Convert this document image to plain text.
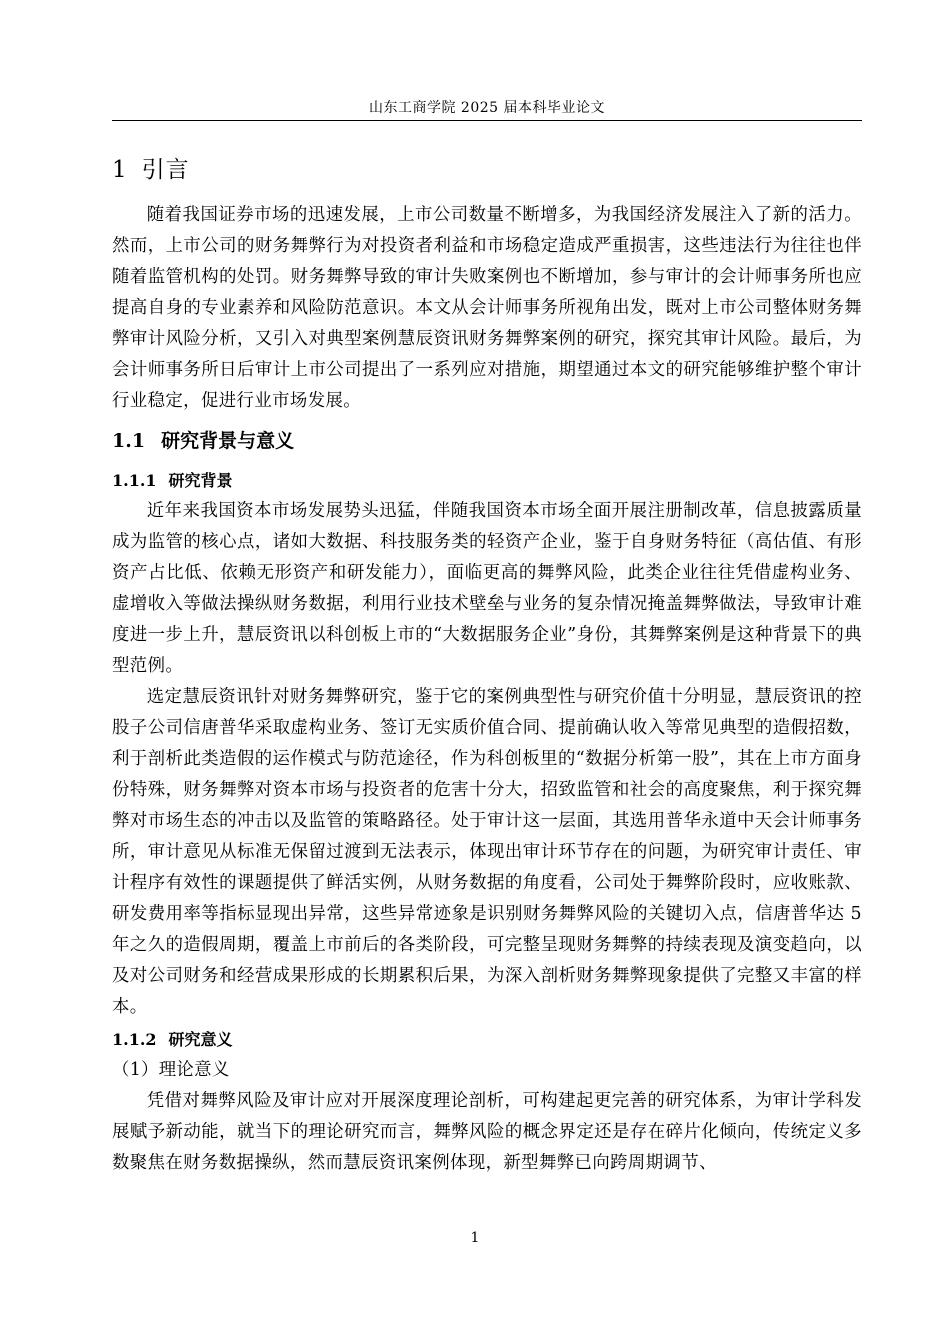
山东工商学院 2025 届本科毕业论文
1 引言

随着我国证券市场的迅速发展，上市公司数量不断增多，为我国经济发展注入了新的活力。然而，上市公司的财务舞弊行为对投资者利益和市场稳定造成严重损害，这些违法行为往往也伴随着监管机构的处罚。财务舞弊导致的审计失败案例也不断增加，参与审计的会计师事务所也应提高自身的专业素养和风险防范意识。本文从会计师事务所视角出发，既对上市公司整体财务舞弊审计风险分析，又引入对典型案例慧辰资讯财务舞弊案例的研究，探究其审计风险。最后，为会计师事务所日后审计上市公司提出了一系列应对措施，期望通过本文的研究能够维护整个审计行业稳定，促进行业市场发展。

1.1 研究背景与意义
1.1.1 研究背景

近年来我国资本市场发展势头迅猛，伴随我国资本市场全面开展注册制改革，信息披露质量成为监管的核心点，诸如大数据、科技服务类的轻资产企业，鉴于自身财务特征（高估值、有形资产占比低、依赖无形资产和研发能力），面临更高的舞弊风险，此类企业往往凭借虚构业务、虚增收入等做法操纵财务数据，利用行业技术壁垒与业务的复杂情况掩盖舞弊做法，导致审计难度进一步上升，慧辰资讯以科创板上市的“大数据服务企业”身份，其舞弊案例是这种背景下的典型范例。

选定慧辰资讯针对财务舞弊研究，鉴于它的案例典型性与研究价值十分明显，慧辰资讯的控股子公司信唐普华采取虚构业务、签订无实质价值合同、提前确认收入等常见典型的造假招数，利于剖析此类造假的运作模式与防范途径，作为科创板里的“数据分析第一股”，其在上市方面身份特殊，财务舞弊对资本市场与投资者的危害十分大，招致监管和社会的高度聚焦，利于探究舞弊对市场生态的冲击以及监管的策略路径。处于审计这一层面，其选用普华永道中天会计师事务所，审计意见从标准无保留过渡到无法表示，体现出审计环节存在的问题，为研究审计责任、审计程序有效性的课题提供了鲜活实例，从财务数据的角度看，公司处于舞弊阶段时，应收账款、研发费用率等指标显现出异常，这些异常迹象是识别财务舞弊风险的关键切入点，信唐普华达 5 年之久的造假周期，覆盖上市前后的各类阶段，可完整呈现财务舞弊的持续表现及演变趋向，以及对公司财务和经营成果形成的长期累积后果，为深入剖析财务舞弊现象提供了完整又丰富的样本。

1.1.2 研究意义

（1）理论意义

凭借对舞弊风险及审计应对开展深度理论剖析，可构建起更完善的研究体系，为审计学科发展赋予新动能，就当下的理论研究而言，舞弊风险的概念界定还是存在碎片化倾向，传统定义多数聚焦在财务数据操纵，然而慧辰资讯案例体现，新型舞弊已向跨周期调节、

1
